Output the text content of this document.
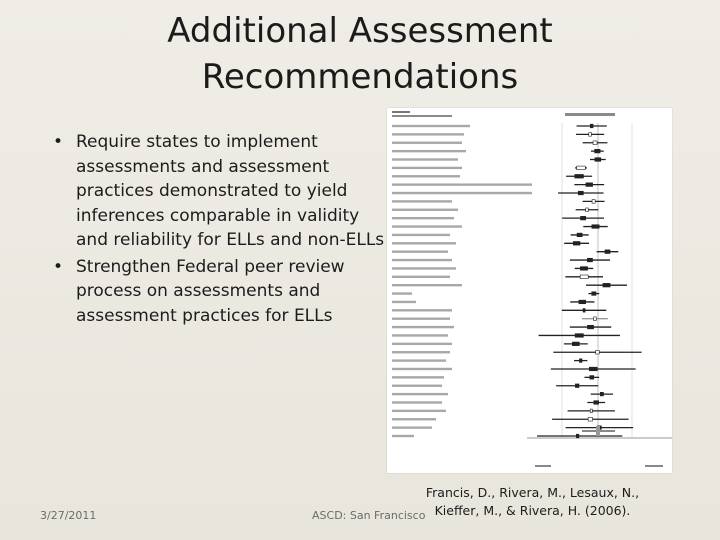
Additional Assessment
Recommendations
• Require states to implement assessments and assessment practices demonstrated to yield inferences comparable in validity and reliability for ELLs and non-ELLs
• Strengthen Federal peer review process on assessments and assessment practices for ELLs
3/27/2011	ASCD: San Francisco
Francis, D., Rivera, M., Lesaux, N.,
Kieffer, M., & Rivera, H. (2006).
